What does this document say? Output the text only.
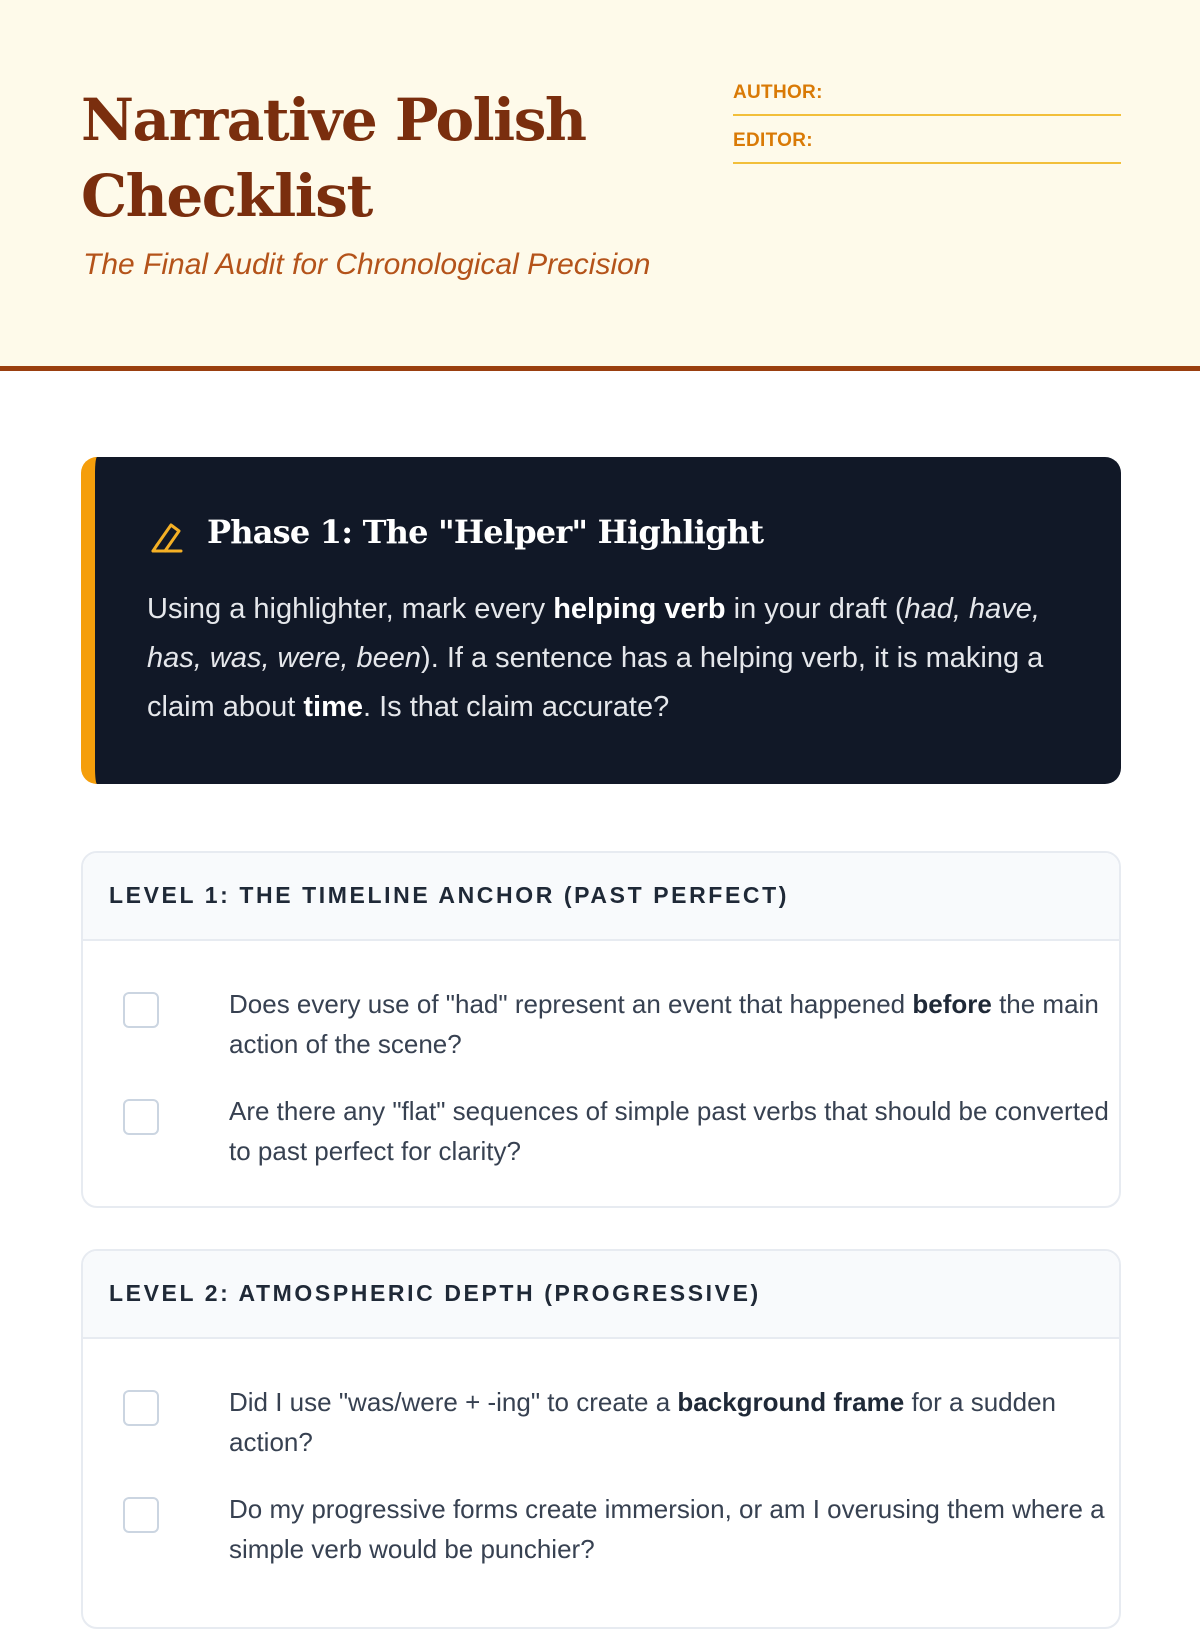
Narrative Polish Checklist
The Final Audit for Chronological Precision
AUTHOR:
EDITOR:
Phase 1: The "Helper" Highlight
Using a highlighter, mark every helping verb in your draft (had, have, has, was, were, been). If a sentence has a helping verb, it is making a claim about time. Is that claim accurate?
LEVEL 1: THE TIMELINE ANCHOR (PAST PERFECT)
Does every use of "had" represent an event that happened before the main action of the scene?
Are there any "flat" sequences of simple past verbs that should be converted to past perfect for clarity?
LEVEL 2: ATMOSPHERIC DEPTH (PROGRESSIVE)
Did I use "was/were + -ing" to create a background frame for a sudden action?
Do my progressive forms create immersion, or am I overusing them where a simple verb would be punchier?
